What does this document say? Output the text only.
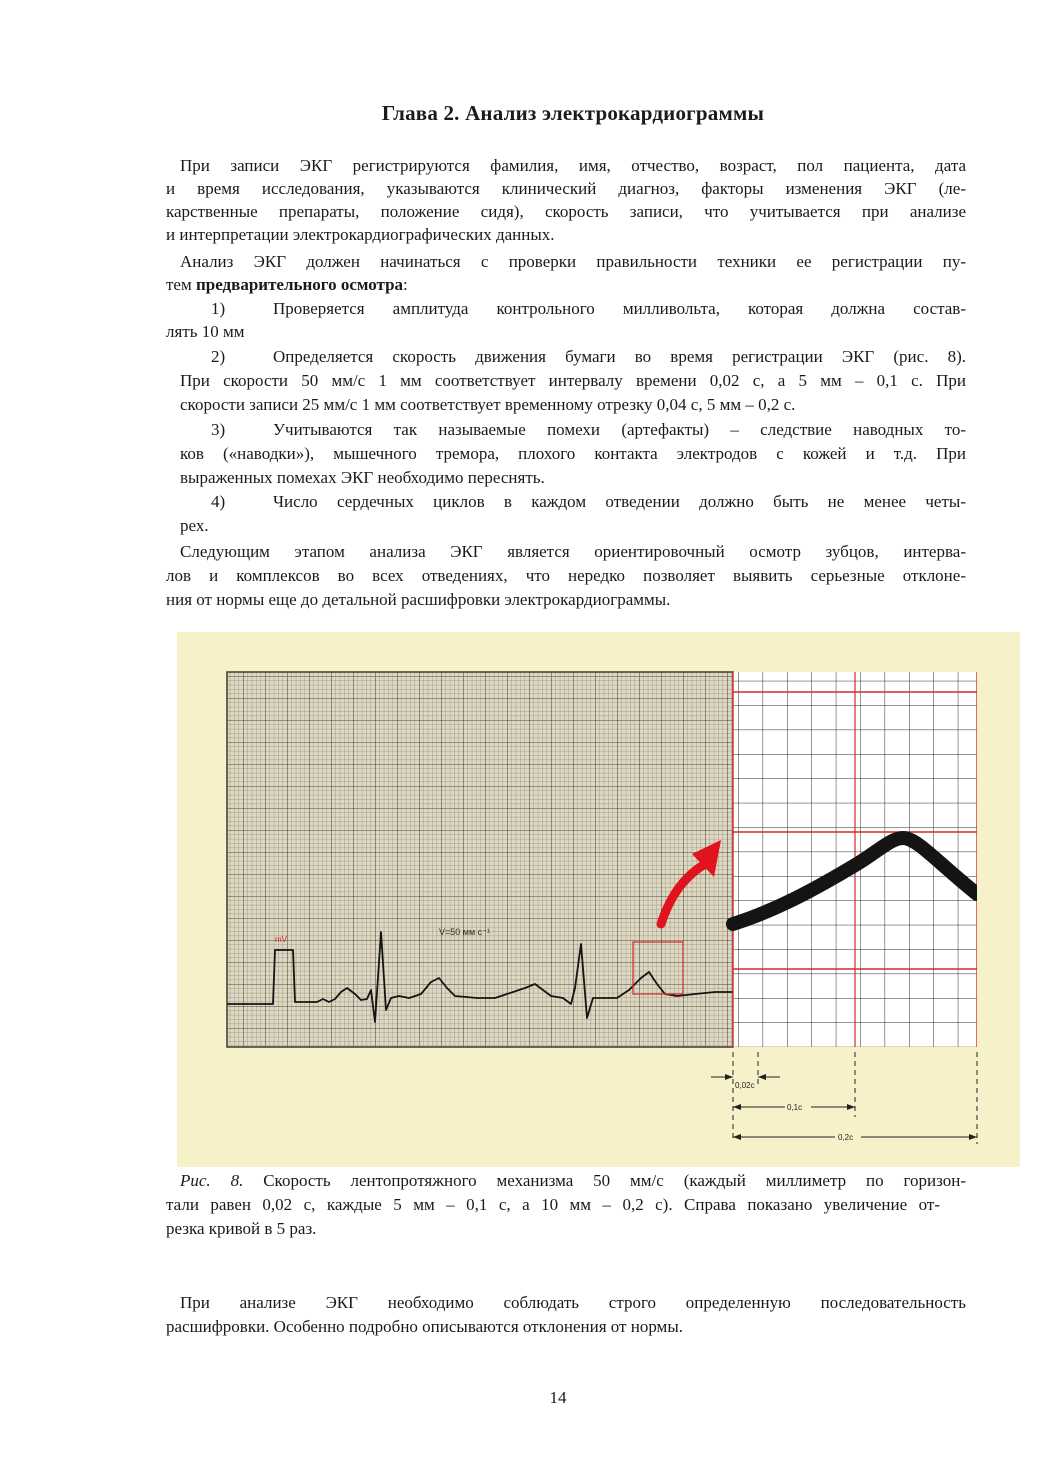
Глава 2. Анализ электрокардиограммы
При записи ЭКГ регистрируются фамилия, имя, отчество, возраст, пол пациента, дата
и время исследования, указываются клинический диагноз, факторы изменения ЭКГ (ле-
карственные препараты, положение сидя), скорость записи, что учитывается при анализе
и интерпретации электрокардиографических данных.
Анализ ЭКГ должен начинаться с проверки правильности техники ее регистрации пу-
тем предварительного осмотра:
1)	Проверяется амплитуда контрольного милливольта, которая должна состав-
лять 10 мм
2)	Определяется скорость движения бумаги во время регистрации ЭКГ (рис. 8).
При скорости 50 мм/с 1 мм соответствует интервалу времени 0,02 с, а 5 мм – 0,1 с. При
скорости записи 25 мм/с 1 мм соответствует временному отрезку 0,04 с, 5 мм – 0,2 с.
3)	Учитываются так называемые помехи (артефакты) – следствие наводных то-
ков («наводки»), мышечного тремора, плохого контакта электродов с кожей и т.д. При
выраженных помехах ЭКГ необходимо переснять.
4)	Число сердечных циклов в каждом отведении должно быть не менее четы-
рех.
Следующим этапом анализа ЭКГ является ориентировочный осмотр зубцов, интерва-
лов и комплексов во всех отведениях, что нередко позволяет выявить серьезные отклоне-
ния от нормы еще до детальной расшифровки электрокардиограммы.
mV
V=50 мм с⁻¹
0,02с
0,1с
0,2с
Рис. 8. Скорость лентопротяжного механизма 50 мм/с (каждый миллиметр по горизон-
тали равен 0,02 с, каждые 5 мм – 0,1 с, а 10 мм – 0,2 с). Справа показано увеличение от-
резка кривой в 5 раз.
При анализе ЭКГ необходимо соблюдать строго определенную последовательность
расшифровки. Особенно подробно описываются отклонения от нормы.
14
